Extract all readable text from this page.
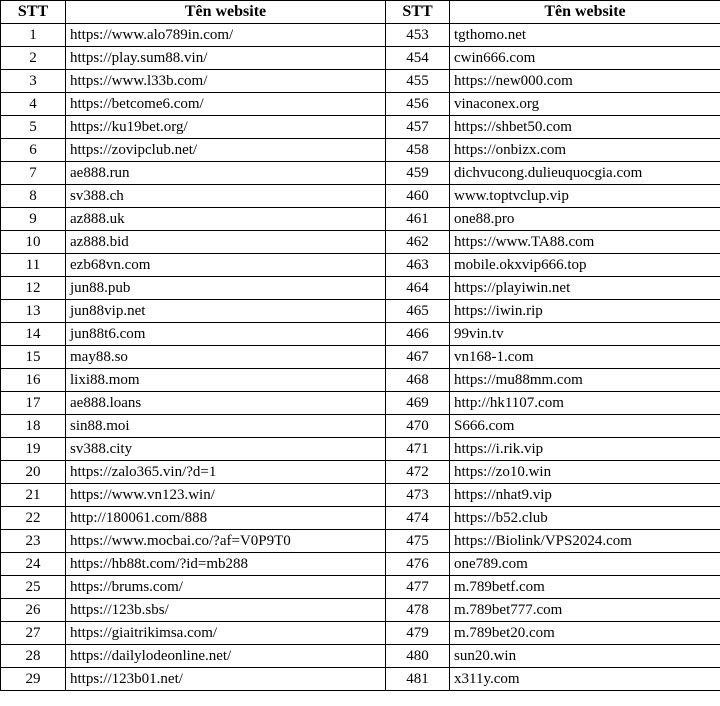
STT	Tên website	STT	Tên website
1	https://www.alo789in.com/	453	tgthomo.net
2	https://play.sum88.vin/	454	cwin666.com
3	https://www.l33b.com/	455	https://new000.com
4	https://betcome6.com/	456	vinaconex.org
5	https://ku19bet.org/	457	https://shbet50.com
6	https://zovipclub.net/	458	https://onbizx.com
7	ae888.run	459	dichvucong.dulieuquocgia.com
8	sv388.ch	460	www.toptvclup.vip
9	az888.uk	461	one88.pro
10	az888.bid	462	https://www.TA88.com
11	ezb68vn.com	463	mobile.okxvip666.top
12	jun88.pub	464	https://playiwin.net
13	jun88vip.net	465	https://iwin.rip
14	jun88t6.com	466	99vin.tv
15	may88.so	467	vn168-1.com
16	lixi88.mom	468	https://mu88mm.com
17	ae888.loans	469	http://hk1107.com
18	sin88.moi	470	S666.com
19	sv388.city	471	https://i.rik.vip
20	https://zalo365.vin/?d=1	472	https://zo10.win
21	https://www.vn123.win/	473	https://nhat9.vip
22	http://180061.com/888	474	https://b52.club
23	https://www.mocbai.co/?af=V0P9T0	475	https://Biolink/VPS2024.com
24	https://hb88t.com/?id=mb288	476	one789.com
25	https://brums.com/	477	m.789betf.com
26	https://123b.sbs/	478	m.789bet777.com
27	https://giaitrikimsa.com/	479	m.789bet20.com
28	https://dailylodeonline.net/	480	sun20.win
29	https://123b01.net/	481	x311y.com
